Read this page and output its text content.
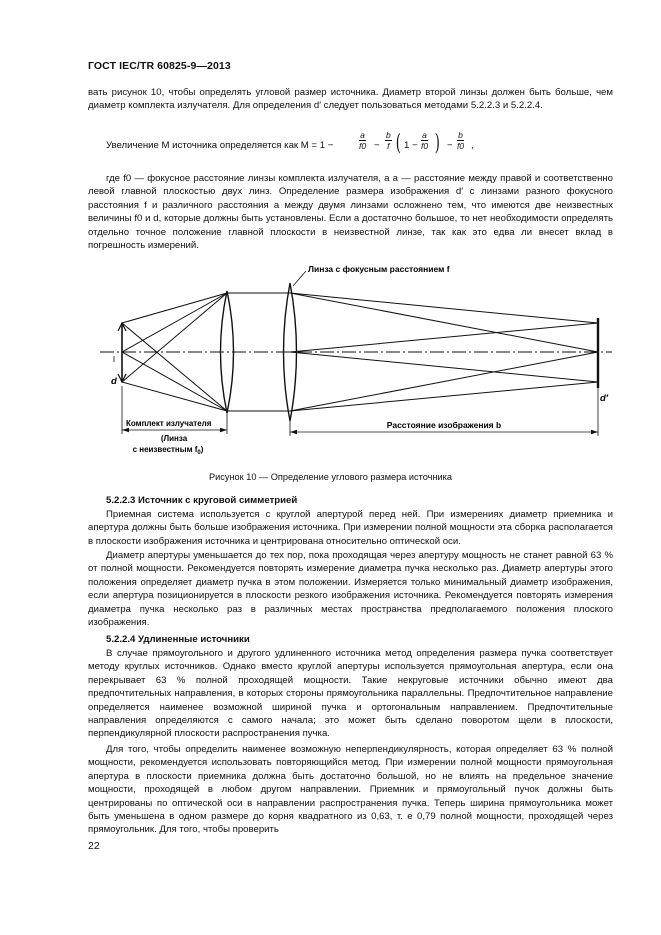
ГОСТ IEC/TR 60825-9—2013

вать рисунок 10, чтобы определять угловой размер источника. Диаметр второй линзы должен быть больше, чем диаметр комплекта излучателя. Для определения d′ следует пользоваться методами 5.2.2.3 и 5.2.2.4.

Увеличение M источника определяется как M = 1 −	$\frac{a}{f0} - \frac{b}{f}$ ( $1 - \frac{a}{f0}$ ) − $\frac{b}{f0}$ ,

где f0 — фокусное расстояние линзы комплекта излучателя, а a — расстояние между правой и соответственно левой главной плоскостью двух линз. Определение размера изображения d′ с линзами разного фокусного расстояния f и различного расстояния a между двумя линзами осложнено тем, что имеются две неизвестных величины f0 и d, которые должны быть установлены. Если a достаточно большое, то нет необходимости определять отдельно точное положение главной плоскости в неизвестной линзе, так как это едва ли внесет вклад в погрешность измерений.

Линза с фокусным расстоянием f
d
d′
Комплект излучателя
(Линза
с неизвестным $f_0$)
Расстояние изображения b
Рисунок 10 — Определение углового размера источника
5.2.2.3 Источник с круговой симметрией

Приемная система используется с круглой апертурой перед ней. При измерениях диаметр приемника и апертура должны быть больше изображения источника. При измерении полной мощности эта сборка располагается в плоскости изображения источника и центрирована относительно оптической оси.

Диаметр апертуры уменьшается до тех пор, пока проходящая через апертуру мощность не станет равной 63 % от полной мощности. Рекомендуется повторять измерение диаметра пучка несколько раз. Диаметр апертуры этого положения определяет диаметр пучка в этом положении. Измеряется только минимальный диаметр изображения, если апертура позиционируется в плоскости резкого изображения источника. Рекомендуется повторять измерения диаметра пучка несколько раз в различных местах пространства предполагаемого положения плоского изображения.

5.2.2.4 Удлиненные источники

В случае прямоугольного и другого удлиненного источника метод определения размера пучка соответствует методу круглых источников. Однако вместо круглой апертуры используется прямоугольная апертура, если она перекрывает 63 % полной проходящей мощности. Такие некруговые источники обычно имеют два предпочтительных направления, в которых стороны прямоугольника параллельны. Предпочтительное направление определяется наименее возможной шириной пучка и ортогональным направлением. Предпочтительные направления определяются с самого начала; это может быть сделано поворотом щели в плоскости, перпендикулярной плоскости распространения пучка.

Для того, чтобы определить наименее возможную неперпендикулярность, которая определяет 63 % полной мощности, рекомендуется использовать повторяющийся метод. При измерении полной мощности прямоугольная апертура в плоскости приемника должна быть достаточно большой, но не влиять на предельное значение мощности, проходящей в любом другом направлении. Приемник и прямоугольный пучок должны быть центрированы по оптической оси в направлении распространения пучка. Теперь ширина прямоугольника может быть уменьшена в одном размере до корня квадратного из 0,63, т. е 0,79 полной мощности, проходящей через прямоугольник. Для того, чтобы проверить

22
